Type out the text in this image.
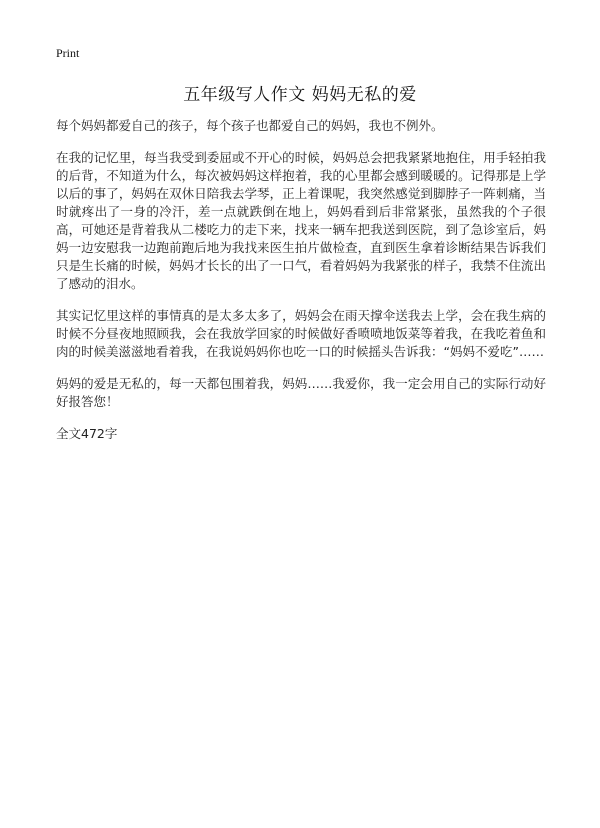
Print
五年级写人作文 妈妈无私的爱

每个妈妈都爱自己的孩子，每个孩子也都爱自己的妈妈，我也不例外。

在我的记忆里，每当我受到委屈或不开心的时候，妈妈总会把我紧紧地抱住，用手轻拍我的后背，不知道为什么，每次被妈妈这样抱着，我的心里都会感到暖暖的。记得那是上学以后的事了，妈妈在双休日陪我去学琴，正上着课呢，我突然感觉到脚脖子一阵刺痛，当时就疼出了一身的冷汗，差一点就跌倒在地上，妈妈看到后非常紧张，虽然我的个子很高，可她还是背着我从二楼吃力的走下来，找来一辆车把我送到医院，到了急诊室后，妈妈一边安慰我一边跑前跑后地为我找来医生拍片做检查，直到医生拿着诊断结果告诉我们只是生长痛的时候，妈妈才长长的出了一口气，看着妈妈为我紧张的样子，我禁不住流出了感动的泪水。

其实记忆里这样的事情真的是太多太多了，妈妈会在雨天撑伞送我去上学，会在我生病的时候不分昼夜地照顾我，会在我放学回家的时候做好香喷喷地饭菜等着我，在我吃着鱼和肉的时候美滋滋地看着我，在我说妈妈你也吃一口的时候摇头告诉我：“妈妈不爱吃”……

妈妈的爱是无私的，每一天都包围着我，妈妈……我爱你，我一定会用自己的实际行动好好报答您！

全文472字
